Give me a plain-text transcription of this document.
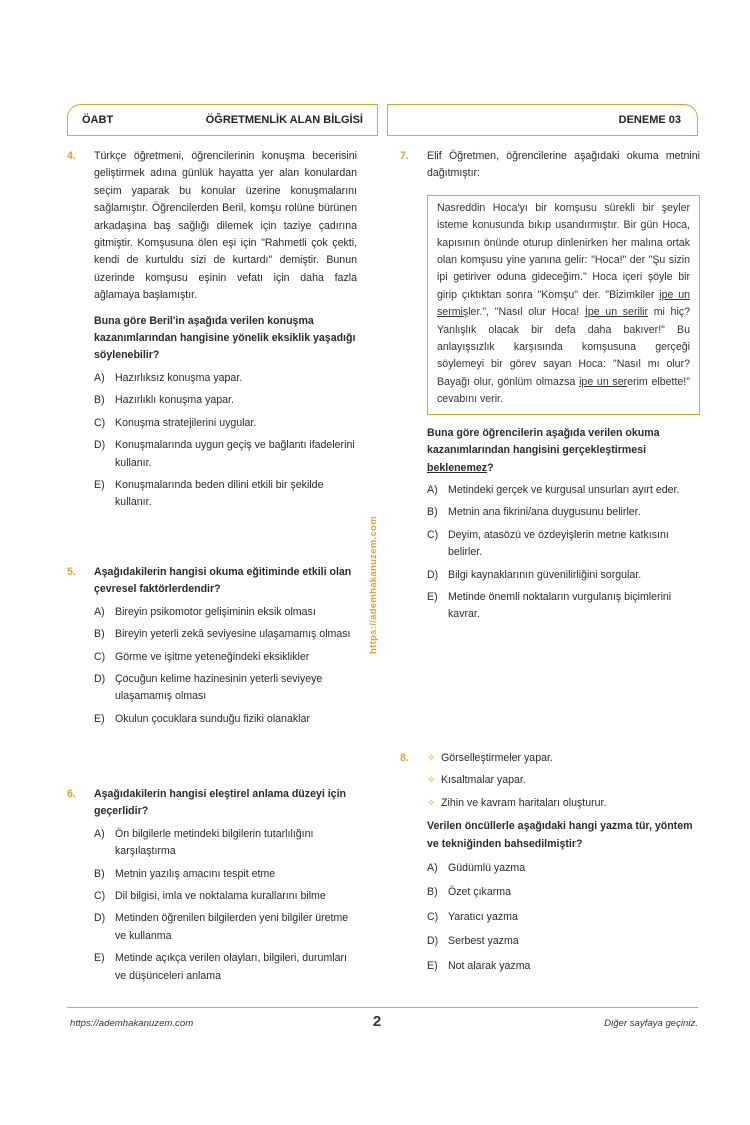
ÖABT	ÖĞRETMENLİK ALAN BİLGİSİ	DENEME 03
4. Türkçe öğretmeni, öğrencilerinin konuşma becerisini geliştirmek adına günlük hayatta yer alan konulardan seçim yaparak bu konular üzerine konuşmalarını sağlamıştır. Öğrencilerden Beril, komşu rolüne bürünen arkadaşına baş sağlığı dilemek için taziye çadırına gitmiştir. Komşusuna ölen eşi için "Rahmetli çok çekti, kendi de kurtuldu sizi de kurtardı" demiştir. Bunun üzerinde komşusu eşinin vefatı için daha fazla ağlamaya başlamıştır.
Buna göre Beril'in aşağıda verilen konuşma kazanımlarından hangisine yönelik eksiklik yaşadığı söylenebilir?
A) Hazırlıksız konuşma yapar.
B) Hazırlıklı konuşma yapar.
C) Konuşma stratejilerini uygular.
D) Konuşmalarında uygun geçiş ve bağlantı ifadelerini kullanır.
E) Konuşmalarında beden dilini etkili bir şekilde kullanır.
5. Aşağıdakilerin hangisi okuma eğitiminde etkili olan çevresel faktörlerdendir?
A) Bireyin psikomotor gelişiminin eksik olması
B) Bireyin yeterli zekâ seviyesine ulaşamamış olması
C) Görme ve işitme yeteneğindeki eksiklikler
D) Çocuğun kelime hazinesinin yeterli seviyeye ulaşamamış olması
E) Okulun çocuklara sunduğu fiziki olanaklar
6. Aşağıdakilerin hangisi eleştirel anlama düzeyi için geçerlidir?
A) Ön bilgilerle metindeki bilgilerin tutarlılığını karşılaştırma
B) Metnin yazılış amacını tespit etme
C) Dil bilgisi, imla ve noktalama kurallarını bilme
D) Metinden öğrenilen bilgilerden yeni bilgiler üretme ve kullanma
E) Metinde açıkça verilen olayları, bilgileri, durumları ve düşünceleri anlama
https://ademhakanuzem.com
7. Elif Öğretmen, öğrencilerine aşağıdaki okuma metnini dağıtmıştır:
Nasreddin Hoca'yı bir komşusu sürekli bir şeyler isteme konusunda bıkıp usandırmıştır. Bir gün Hoca, kapısının önünde oturup dinlenirken her malına ortak olan komşusu yine yanına gelir: "Hoca!" der "Şu sizin ipi getiriver oduna gideceğim." Hoca içeri şöyle bir girip çıktıktan sonra "Komşu" der. "Bizimkiler ipe un sermişler.", "Nasıl olur Hoca! İpe un serilir mi hiç? Yanlışlık olacak bir defa daha bakıver!" Bu anlayışsızlık karşısında komşusuna gerçeği söylemeyi bir görev sayan Hoca: "Nasıl mı olur? Bayağı olur, gönlüm olmazsa ipe un sererim elbette!" cevabını verir.
Buna göre öğrencilerin aşağıda verilen okuma kazanımlarından hangisini gerçekleştirmesi beklenemez?
A) Metindeki gerçek ve kurgusal unsurları ayırt eder.
B) Metnin ana fikrini/ana duygusunu belirler.
C) Deyim, atasözü ve özdeyişlerin metne katkısını belirler.
D) Bilgi kaynaklarının güvenilirliğini sorgular.
E) Metinde önemli noktaların vurgulanış biçimlerini kavrar.
8. ✧ Görselleştirmeler yapar.
✧ Kısaltmalar yapar.
✧ Zihin ve kavram haritaları oluşturur.
Verilen öncüllerle aşağıdaki hangi yazma tür, yöntem ve tekniğinden bahsedilmiştir?
A) Güdümlü yazma
B) Özet çıkarma
C) Yaratıcı yazma
D) Serbest yazma
E) Not alarak yazma
https://ademhakanuzem.com	2	Diğer sayfaya geçiniz.
